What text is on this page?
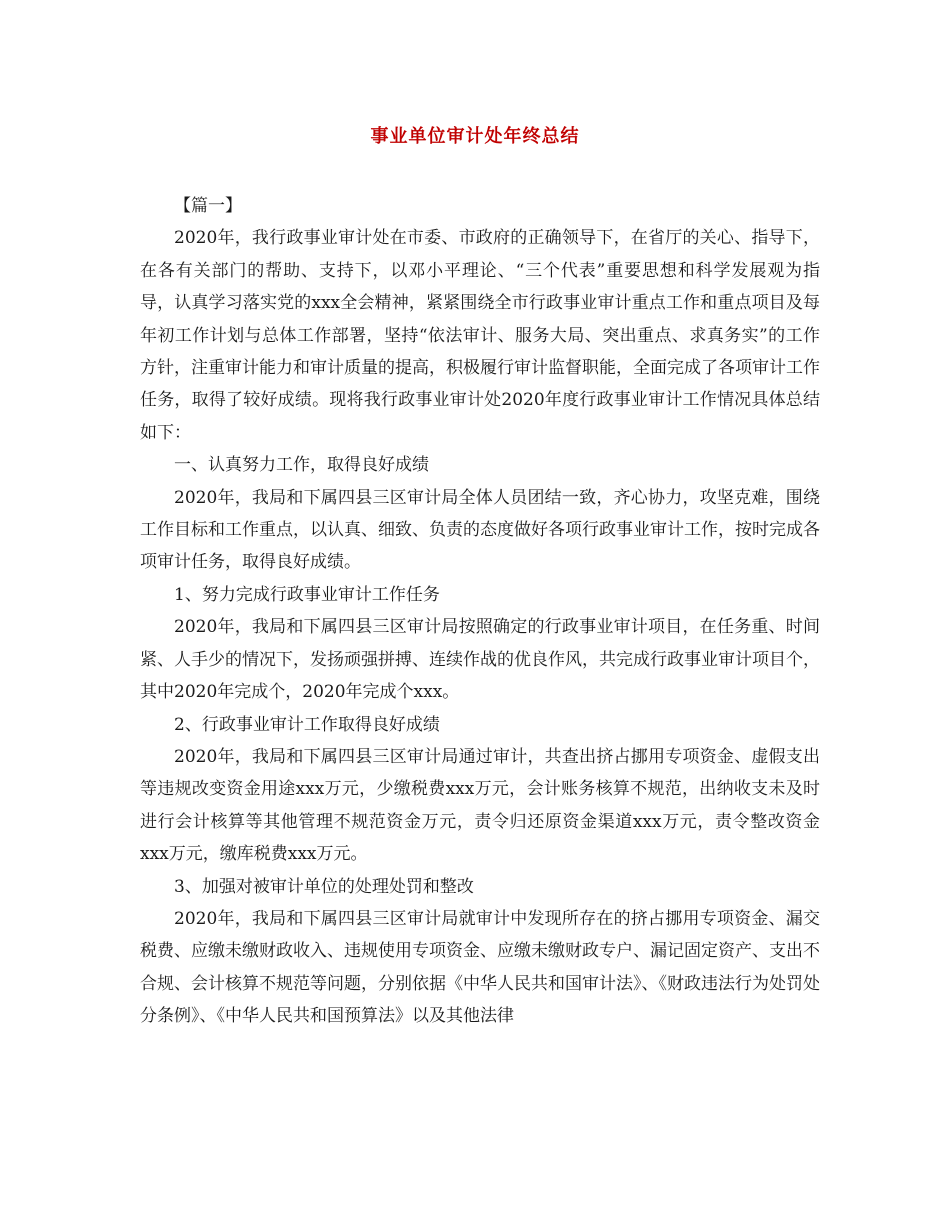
事业单位审计处年终总结

【篇一】

2020年，我行政事业审计处在市委、市政府的正确领导下，在省厅的关心、指导下，在各有关部门的帮助、支持下，以邓小平理论、“三个代表”重要思想和科学发展观为指导，认真学习落实党的xxx全会精神，紧紧围绕全市行政事业审计重点工作和重点项目及每年初工作计划与总体工作部署，坚持“依法审计、服务大局、突出重点、求真务实”的工作方针，注重审计能力和审计质量的提高，积极履行审计监督职能，全面完成了各项审计工作任务，取得了较好成绩。现将我行政事业审计处2020年度行政事业审计工作情况具体总结如下：

一、认真努力工作，取得良好成绩

2020年，我局和下属四县三区审计局全体人员团结一致，齐心协力，攻坚克难，围绕工作目标和工作重点，以认真、细致、负责的态度做好各项行政事业审计工作，按时完成各项审计任务，取得良好成绩。

1、努力完成行政事业审计工作任务

2020年，我局和下属四县三区审计局按照确定的行政事业审计项目，在任务重、时间紧、人手少的情况下，发扬顽强拼搏、连续作战的优良作风，共完成行政事业审计项目个，其中2020年完成个，2020年完成个xxx。

2、行政事业审计工作取得良好成绩

2020年，我局和下属四县三区审计局通过审计，共查出挤占挪用专项资金、虚假支出等违规改变资金用途xxx万元，少缴税费xxx万元，会计账务核算不规范，出纳收支未及时进行会计核算等其他管理不规范资金万元，责令归还原资金渠道xxx万元，责令整改资金xxx万元，缴库税费xxx万元。

3、加强对被审计单位的处理处罚和整改

2020年，我局和下属四县三区审计局就审计中发现所存在的挤占挪用专项资金、漏交税费、应缴未缴财政收入、违规使用专项资金、应缴未缴财政专户、漏记固定资产、支出不合规、会计核算不规范等问题，分别依据《中华人民共和国审计法》、《财政违法行为处罚处分条例》、《中华人民共和国预算法》以及其他法律
